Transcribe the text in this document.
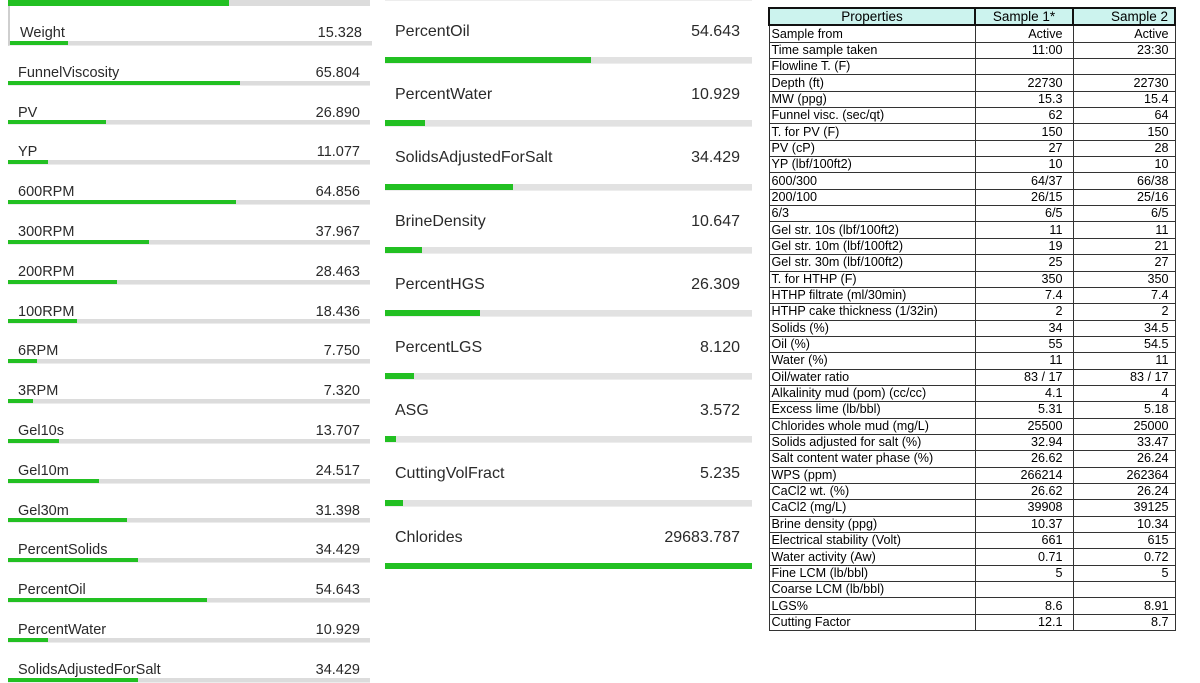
Weight	15.328
FunnelViscosity	65.804
PV	26.890
YP	11.077
600RPM	64.856
300RPM	37.967
200RPM	28.463
100RPM	18.436
6RPM	7.750
3RPM	7.320
Gel10s	13.707
Gel10m	24.517
Gel30m	31.398
PercentSolids	34.429
PercentOil	54.643
PercentWater	10.929
SolidsAdjustedForSalt	34.429
PercentOil	54.643
PercentWater	10.929
SolidsAdjustedForSalt	34.429
BrineDensity	10.647
PercentHGS	26.309
PercentLGS	8.120
ASG	3.572
CuttingVolFract	5.235
Chlorides	29683.787
Properties	Sample 1*	Sample 2
Sample from	Active	Active
Time sample taken	11:00	23:30
Flowline T. (F)		
Depth (ft)	22730	22730
MW (ppg)	15.3	15.4
Funnel visc. (sec/qt)	62	64
T. for PV (F)	150	150
PV (cP)	27	28
YP (lbf/100ft2)	10	10
600/300	64/37	66/38
200/100	26/15	25/16
6/3	6/5	6/5
Gel str. 10s (lbf/100ft2)	11	11
Gel str. 10m (lbf/100ft2)	19	21
Gel str. 30m (lbf/100ft2)	25	27
T. for HTHP (F)	350	350
HTHP filtrate (ml/30min)	7.4	7.4
HTHP cake thickness (1/32in)	2	2
Solids (%)	34	34.5
Oil (%)	55	54.5
Water (%)	11	11
Oil/water ratio	83 / 17	83 / 17
Alkalinity mud (pom) (cc/cc)	4.1	4
Excess lime (lb/bbl)	5.31	5.18
Chlorides whole mud (mg/L)	25500	25000
Solids adjusted for salt (%)	32.94	33.47
Salt content water phase (%)	26.62	26.24
WPS (ppm)	266214	262364
CaCl2 wt. (%)	26.62	26.24
CaCl2 (mg/L)	39908	39125
Brine density (ppg)	10.37	10.34
Electrical stability (Volt)	661	615
Water activity (Aw)	0.71	0.72
Fine LCM (lb/bbl)	5	5
Coarse LCM (lb/bbl)		
LGS%	8.6	8.91
Cutting Factor	12.1	8.7
